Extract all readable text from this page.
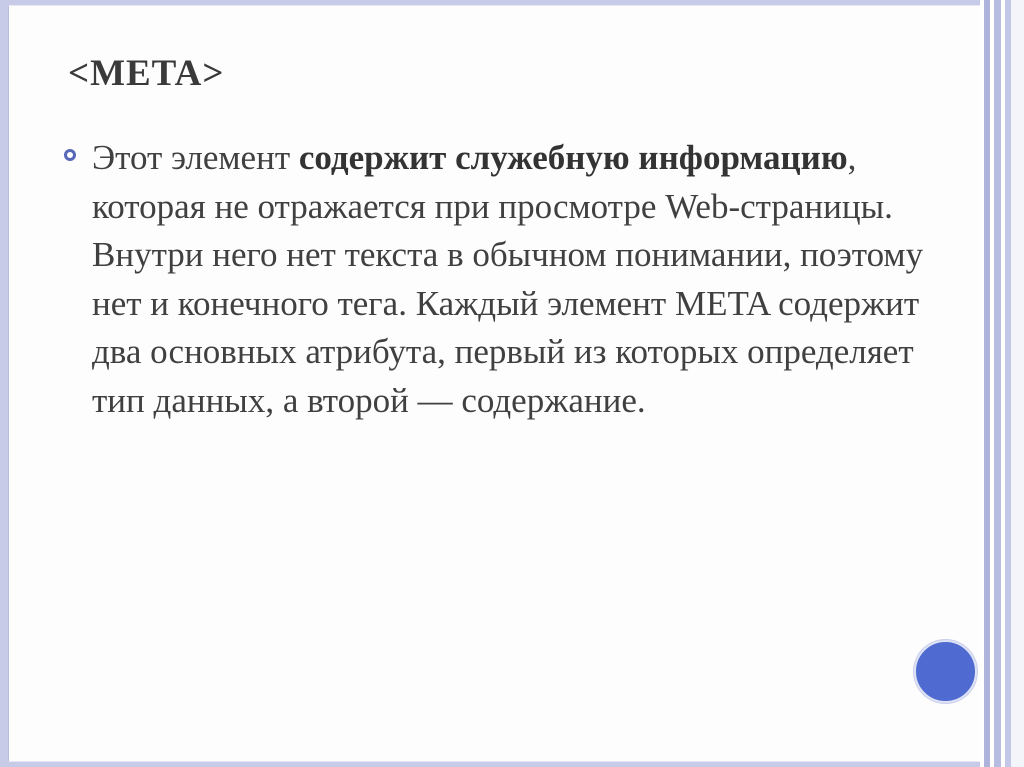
<META>

Этот элемент содержит служебную информацию, которая не отражается при просмотре Web-страницы. Внутри него нет текста в обычном понимании, поэтому нет и конечного тега. Каждый элемент META содержит два основных атрибута, первый из которых определяет тип данных, а второй — содержание.
